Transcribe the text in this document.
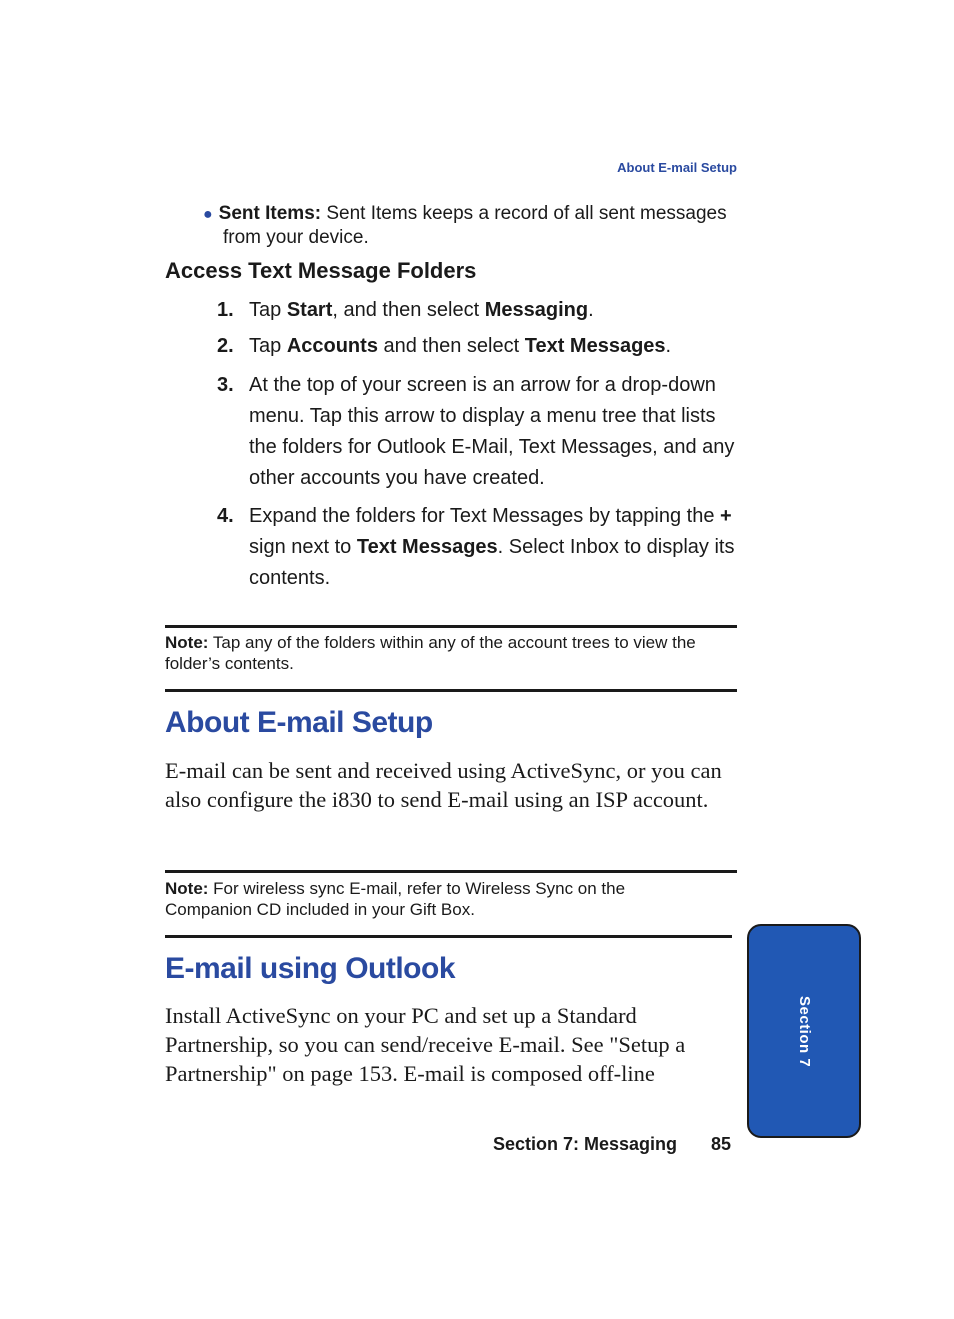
About E-mail Setup
● Sent Items: Sent Items keeps a record of all sent messages
from your device.
Access Text Message Folders
1. Tap Start, and then select Messaging.
2. Tap Accounts and then select Text Messages.
3. At the top of your screen is an arrow for a drop-down menu. Tap this arrow to display a menu tree that lists the folders for Outlook E-Mail, Text Messages, and any other accounts you have created.
4. Expand the folders for Text Messages by tapping the + sign next to Text Messages. Select Inbox to display its contents.
Note: Tap any of the folders within any of the account trees to view the folder’s contents.
About E-mail Setup
E-mail can be sent and received using ActiveSync, or you can also configure the i830 to send E-mail using an ISP account.
Note: For wireless sync E-mail, refer to Wireless Sync on the
Companion CD included in your Gift Box.
E-mail using Outlook
Install ActiveSync on your PC and set up a Standard Partnership, so you can send/receive E-mail. See "Setup a Partnership" on page 153. E-mail is composed off-line
Section 7: Messaging 85
Section 7
